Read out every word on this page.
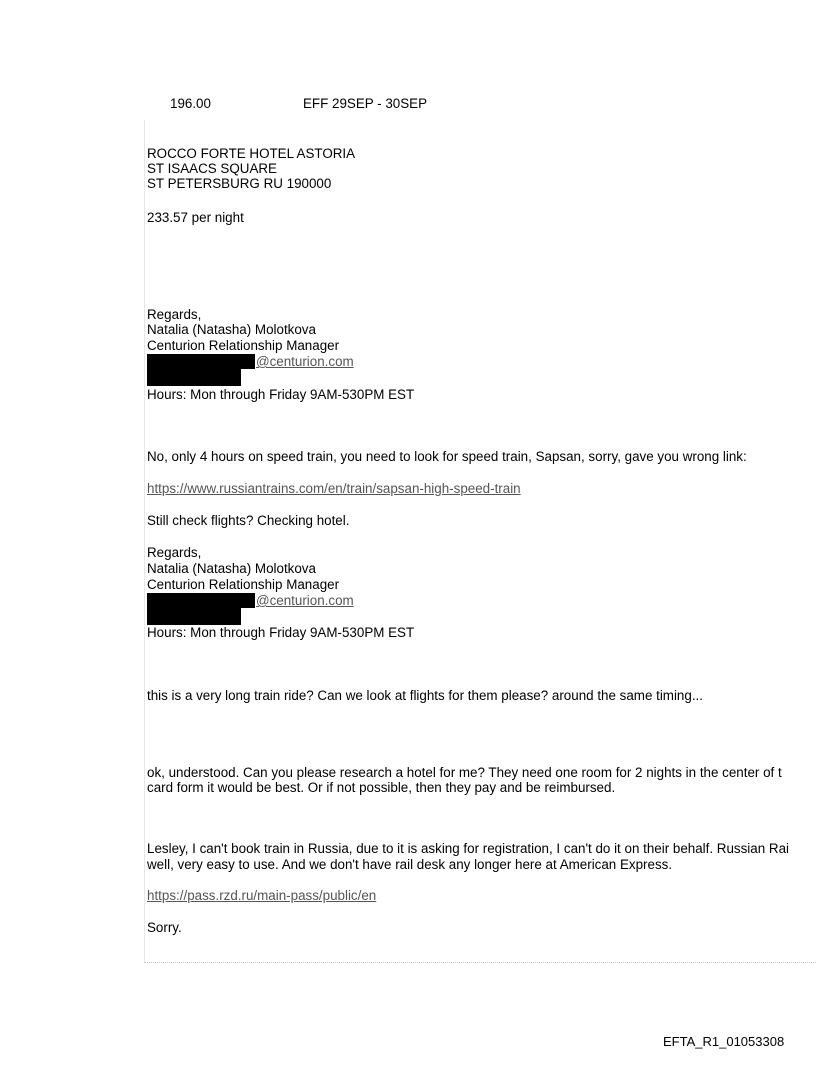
196.00	EFF 29SEP - 30SEP
ROCCO FORTE HOTEL ASTORIA
ST ISAACS SQUARE
ST PETERSBURG RU 190000
233.57 per night
Regards,
Natalia (Natasha) Molotkova
Centurion Relationship Manager
@centurion.com
Hours: Mon through Friday 9AM-530PM EST
No, only 4 hours on speed train, you need to look for speed train, Sapsan, sorry, gave you wrong link:
https://www.russiantrains.com/en/train/sapsan-high-speed-train
Still check flights? Checking hotel.
Regards,
Natalia (Natasha) Molotkova
Centurion Relationship Manager
@centurion.com
Hours: Mon through Friday 9AM-530PM EST
this is a very long train ride? Can we look at flights for them please? around the same timing...
ok, understood. Can you please research a hotel for me? They need one room for 2 nights in the center of t
card form it would be best. Or if not possible, then they pay and be reimbursed.
Lesley, I can't book train in Russia, due to it is asking for registration, I can't do it on their behalf. Russian Rai
well, very easy to use. And we don't have rail desk any longer here at American Express.
https://pass.rzd.ru/main-pass/public/en
Sorry.
EFTA_R1_01053308
